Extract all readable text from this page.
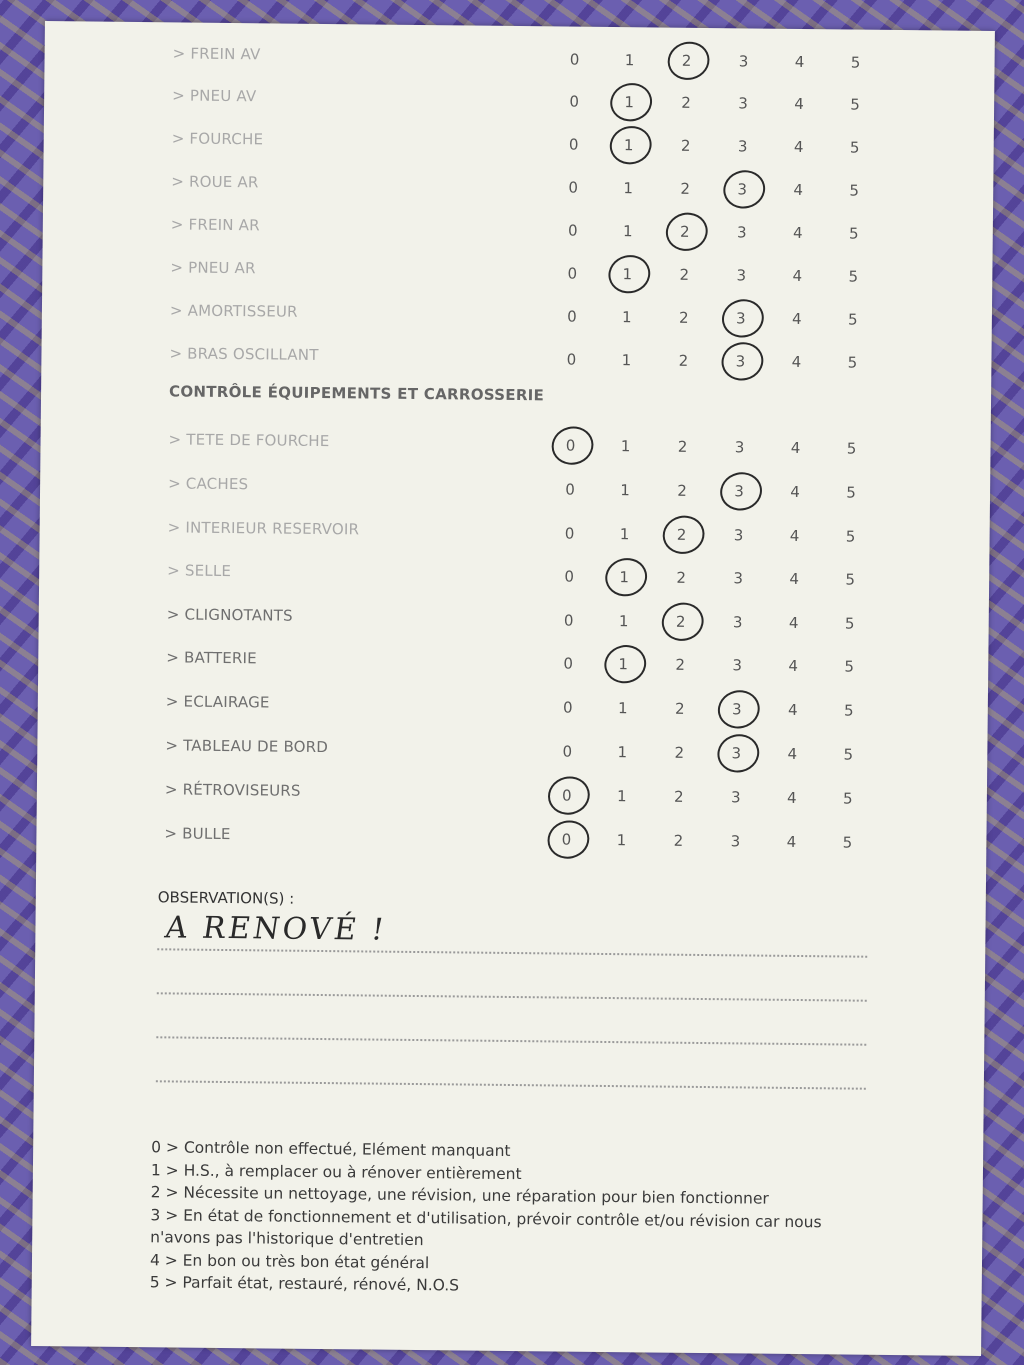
> FREIN AV	0	1	2	3	4	5
> PNEU AV	0	1	2	3	4	5
> FOURCHE	0	1	2	3	4	5
> ROUE AR	0	1	2	3	4	5
> FREIN AR	0	1	2	3	4	5
> PNEU AR	0	1	2	3	4	5
> AMORTISSEUR	0	1	2	3	4	5
> BRAS OSCILLANT	0	1	2	3	4	5
> TETE DE FOURCHE	0	1	2	3	4	5
> CACHES	0	1	2	3	4	5
> INTERIEUR RESERVOIR	0	1	2	3	4	5
> SELLE	0	1	2	3	4	5
> CLIGNOTANTS	0	1	2	3	4	5
> BATTERIE	0	1	2	3	4	5
> ECLAIRAGE	0	1	2	3	4	5
> TABLEAU DE BORD	0	1	2	3	4	5
> RÉTROVISEURS	0	1	2	3	4	5
> BULLE	0	1	2	3	4	5
CONTRÔLE ÉQUIPEMENTS ET CARROSSERIE
OBSERVATION(S) :
A RENOVÉ !

0 > Contrôle non effectué, Elément manquant

1 > H.S., à remplacer ou à rénover entièrement

2 > Nécessite un nettoyage, une révision, une réparation pour bien fonctionner

3 > En état de fonctionnement et d'utilisation, prévoir contrôle et/ou révision car nous n'avons pas l'historique d'entretien

4 > En bon ou très bon état général

5 > Parfait état, restauré, rénové, N.O.S
